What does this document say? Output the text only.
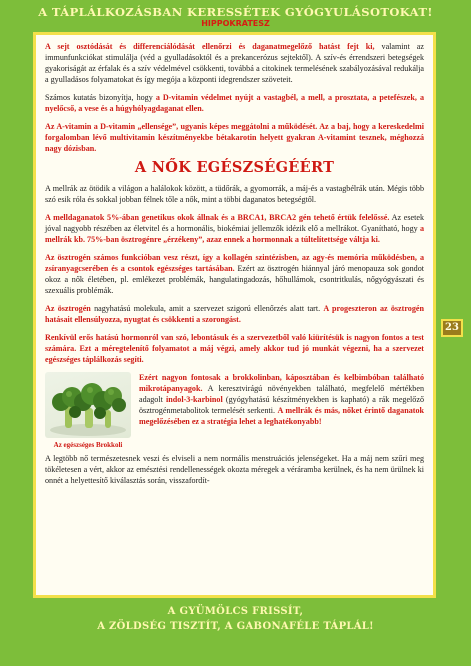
A TÁPLÁLKOZÁSBAN KERESSÉTEK GYÓGYULÁSOTOKAT!
HIPPOKRATESZ

A sejt osztódását és differenciálódását ellenőrzi és daganatmegelőző hatást fejt ki, valamint az immunfunkciókat stimulálja (véd a gyulladásoktól és a prekancerózus sejtektől). A szív-és érrendszeri betegségek gyakoriságát az érfalak és a szív védelmével csökkenti, továbbá a citokinek termelésének szabályozásával redukálja a gyulladásos folyamatokat és így megója a központi idegrendszer szöveteit.

Számos kutatás bizonyítja, hogy a D-vitamin védelmet nyújt a vastagbél, a mell, a prosztata, a petefészek, a nyelőcső, a vese és a húgyhólyagdaganat ellen.

Az A-vitamin a D-vitamin „ellensége”, ugyanis képes meggátolni a működését. Az a baj, hogy a kereskedelmi forgalomban lévő multivitamin készítményekbe bétakarotin helyett gyakran A-vitamint tesznek, méghozzá nagy dózisban.

A NŐK EGÉSZSÉGÉÉRT

A mellrák az ötödik a világon a halálokok között, a tüdőrák, a gyomorrák, a máj-és a vastagbélrák után. Mégis több szó esik róla és sokkal jobban félnek tőle a nők, mint a többi daganatos betegségtől.

A melldaganatok 5%-ában genetikus okok állnak és a BRCA1, BRCA2 gén tehető értük felelőssé. Az esetek jóval nagyobb részében az életvitel és a hormonális, biokémiai jellemzők idézik elő a mellrákot. Gyanítható, hogy a mellrák kb. 75%-ban ösztrogénre „érzékeny”, azaz ennek a hormonnak a túltelítettsége váltja ki.

Az ösztrogén számos funkcióban vesz részt, így a kollagén szintézisben, az agy-és memória működésben, a zsíranyagcserében és a csontok egészséges tartásában. Ezért az ösztrogén hiánnyal járó menopauza sok gondot okoz a nők életében, pl. emlékezet problémák, hangulatingadozás, hőhullámok, csontritkulás, nőgyógyászati és szexuális problémák.

Az ösztrogén nagyhatású molekula, amit a szervezet szigorú ellenőrzés alatt tart. A progeszteron az ösztrogén hatásait ellensúlyozza, nyugtat és csökkenti a szorongást.

Renkívül erős hatású hormonról van szó, lebontásuk és a szervezetből való kiürítésük is nagyon fontos a test számára. Ezt a méregtelenítő folyamatot a máj végzi, amely akkor tud jó munkát végezni, ha a szervezet egészséges táplálkozás segíti.

Az egészséges Brokkoli

Ezért nagyon fontosak a brokkolinban, káposztában és kelbimbóban található mikrotápanyagok. A keresztvirágú növényekben található, megfelelő mértékben adagolt indol-3-karbinol (gyógyhatású készítményekben is kapható) a rák megelőző ösztrogénmetabolitok termelését serkenti. A mellrák és más, nőket érintő daganatok megelőzésében ez a stratégia lehet a leghatékonyabb!

A legtöbb nő természetesnek veszi és elviseli a nem normális menstruációs jelenségeket. Ha a máj nem szűri meg tökéletesen a vért, akkor az emésztési rendellenességek okozta méregek a véráramba kerülnek, és ha nem ürülnek ki onnét a helyettesítő kiválasztás során, visszafordít-

23
A GYÜMÖLCS FRISSÍT,
A ZÖLDSÉG TISZTÍT, A GABONAFÉLE TÁPLÁL!
